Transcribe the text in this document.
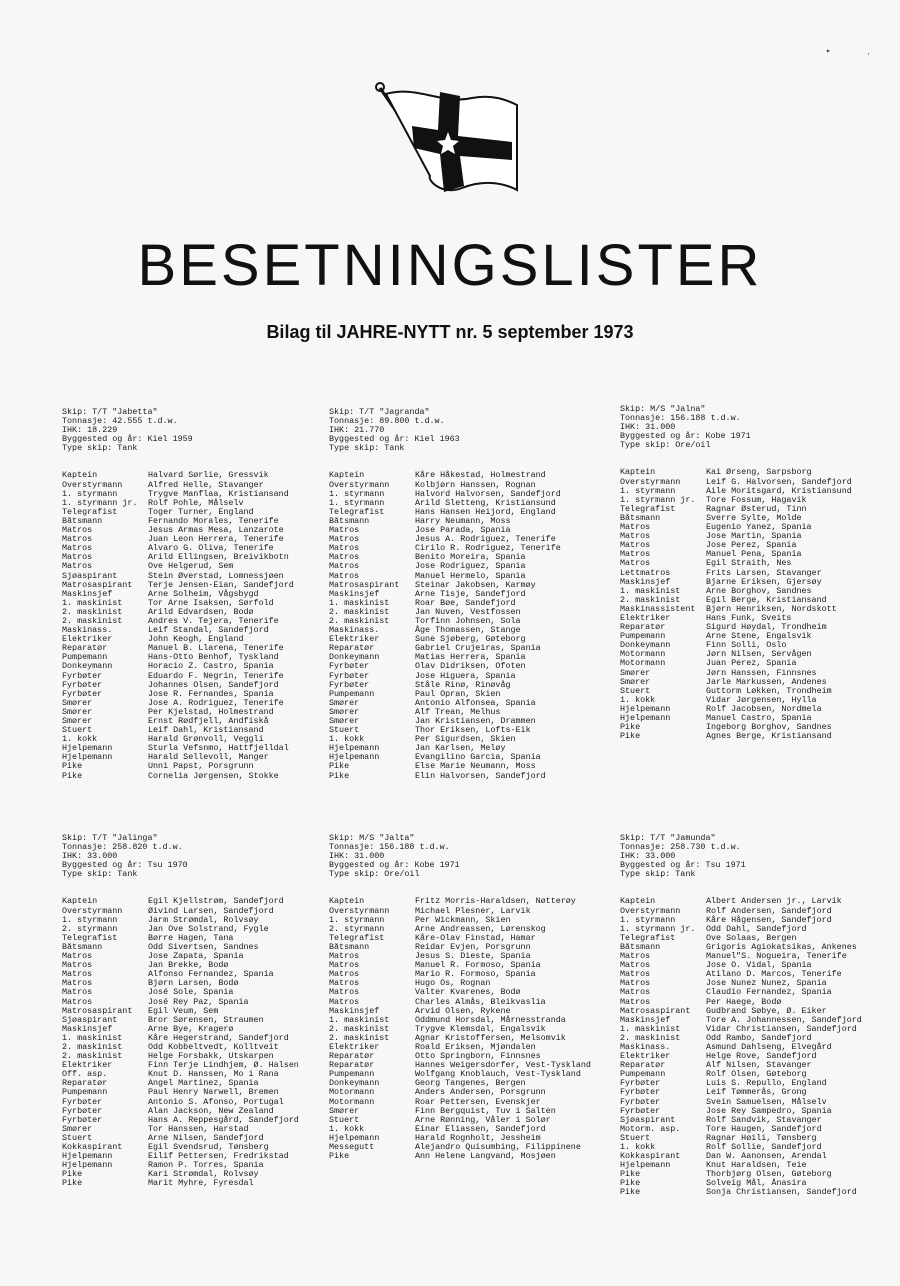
BESETNINGSLISTER
Bilag til JAHRE-NYTT nr. 5 september 1973
▸	·
Skip: T/T "Jabetta"
Tonnasje: 42.555 t.d.w.
IHK: 18.229
Byggested og år: Kiel 1959
Type skip: Tank
Kaptein	Halvard Sørlie, Gressvik
Overstyrmann	Alfred Helle, Stavanger
1. styrmann	Trygve Manflaa, Kristiansand
1. styrmann jr.	Rolf Pohle, Målselv
Telegrafist	Toger Turner, England
Båtsmann	Fernando Morales, Tenerife
Matros	Jesus Armas Mesa, Lanzarote
Matros	Juan Leon Herrera, Tenerife
Matros	Alvaro G. Oliva, Tenerife
Matros	Arild Ellingsen, Breivikbotn
Matros	Ove Helgerud, Sem
Sjøaspirant	Stein Øverstad, Lomnessjøen
Matrosaspirant	Terje Jensen-Eian, Sandefjord
Maskinsjef	Arne Solheim, Vågsbygd
1. maskinist	Tor Arne Isaksen, Sørfold
2. maskinist	Arild Edvardsen, Bodø
2. maskinist	Andres V. Tejera, Tenerife
Maskinass.	Leif Standal, Sandefjord
Elektriker	John Keogh, England
Reparatør	Manuel B. Llarena, Tenerife
Pumpemann	Hans-Otto Benhof, Tyskland
Donkeymann	Horacio Z. Castro, Spania
Fyrbøter	Eduardo F. Negrin, Tenerife
Fyrbøter	Johannes Olsen, Sandefjord
Fyrbøter	Jose R. Fernandes, Spania
Smører	Jose A. Rodriguez, Tenerife
Smører	Per Kjelstad, Holmestrand
Smører	Ernst Rødfjell, Andfiskå
Stuert	Leif Dahl, Kristiansand
1. kokk	Harald Grønvoll, Veggli
Hjelpemann	Sturla Vefsnmo, Hattfjelldal
Hjelpemann	Harald Sellevoll, Manger
Pike	Unni Papst, Porsgrunn
Pike	Cornelia Jørgensen, Stokke
Skip: T/T "Jagranda"
Tonnasje: 89.800 t.d.w.
IHK: 21.770
Byggested og år: Kiel 1963
Type skip: Tank
Kaptein	Kåre Håkestad, Holmestrand
Overstyrmann	Kolbjørn Hanssen, Rognan
1. styrmann	Halvord Halvorsen, Sandefjord
1. styrmann	Arild Sletteng, Kristiansund
Telegrafist	Hans Hansen Heijord, England
Båtsmann	Harry Neumann, Moss
Matros	Jose Parada, Spania
Matros	Jesus A. Rodriguez, Tenerife
Matros	Cirilo R. Rodriguez, Tenerife
Matros	Benito Moreira, Spania
Matros	Jose Rodriguez, Spania
Matros	Manuel Hermelo, Spania
Matrosaspirant	Steinar Jakobsen, Karmøy
Maskinsjef	Arne Tisje, Sandefjord
1. maskinist	Roar Bøe, Sandefjord
2. maskinist	Jan Nuven, Vestfossen
2. maskinist	Torfinn Johnsen, Sola
Maskinass.	Åge Thomassen, Stange
Elektriker	Sune Sjøberg, Gøteborg
Reparatør	Gabriel Crujeiras, Spania
Donkeymann	Matias Herrera, Spania
Fyrbøter	Olav Didriksen, Ofoten
Fyrbøter	Jose Higuera, Spania
Fyrbøter	Ståle Rinø, Rinøvåg
Pumpemann	Paul Opran, Skien
Smører	Antonio Alfonsea, Spania
Smører	Alf Trean, Melhus
Smører	Jan Kristiansen, Drammen
Stuert	Thor Eriksen, Lofts-Eik
1. kokk	Per Sigurdsen, Skien
Hjelpemann	Jan Karlsen, Meløy
Hjelpemann	Evangilino Garcia, Spania
Pike	Else Marie Neumann, Moss
Pike	Elin Halvorsen, Sandefjord
Skip: M/S "Jalna"
Tonnasje: 156.188 t.d.w.
IHK: 31.000
Byggested og år: Kobe 1971
Type skip: Ore/oil
Kaptein	Kai Ørseng, Sarpsborg
Overstyrmann	Leif G. Halvorsen, Sandefjord
1. styrmann	Aile Moritsgard, Kristiansund
1. styrmann jr.	Tore Fossum, Hagavik
Telegrafist	Ragnar Østerud, Tinn
Båtsmann	Sverre Sylte, Molde
Matros	Eugenio Yanez, Spania
Matros	Jose Martin, Spania
Matros	Jose Perez, Spania
Matros	Manuel Pena, Spania
Matros	Egil Straith, Nes
Lettmatros	Frits Larsen, Stavanger
Maskinsjef	Bjarne Eriksen, Gjersøy
1. maskinist	Arne Borghov, Sandnes
2. maskinist	Egil Berge, Kristiansand
Maskinassistent	Bjørn Henriksen, Nordskott
Elektriker	Hans Funk, Sveits
Reparatør	Sigurd Høydal, Trondheim
Pumpemann	Arne Stene, Engalsvik
Donkeymann	Finn Solli, Oslo
Motormann	Jørn Nilsen, Servågen
Motormann	Juan Perez, Spania
Smører	Jørn Hanssen, Finnsnes
Smører	Jarle Markussen, Andenes
Stuert	Guttorm Løkken, Trondheim
1. kokk	Vidar Jørgensen, Hylla
Hjelpemann	Rolf Jacobsen, Nordmela
Hjelpemann	Manuel Castro, Spania
Pike	Ingeborg Borghov, Sandnes
Pike	Agnes Berge, Kristiansand
Skip: T/T "Jalinga"
Tonnasje: 258.820 t.d.w.
IHK: 33.000
Byggested og år: Tsu 1970
Type skip: Tank
Kaptein	Egil Kjellstrøm, Sandefjord
Overstyrmann	Øivind Larsen, Sandefjord
1. styrmann	Jarm Strømdal, Rolvsøy
2. styrmann	Jan Ove Solstrand, Fygle
Telegrafist	Børre Hagen, Tana
Båtsmann	Odd Sivertsen, Sandnes
Matros	Jose Zapata, Spania
Matros	Jan Brekke, Bodø
Matros	Alfonso Fernandez, Spania
Matros	Bjørn Larsen, Bodø
Matros	José Sole, Spania
Matros	José Rey Paz, Spania
Matrosaspirant	Egil Veum, Sem
Sjøaspirant	Bror Sørensen, Straumen
Maskinsjef	Arne Bye, Kragerø
1. maskinist	Kåre Hegerstrand, Sandefjord
2. maskinist	Odd Kobbeltvedt, Kolltveit
2. maskinist	Helge Forsbakk, Utskarpen
Elektriker	Finn Terje Lindhjem, Ø. Halsen
Off. asp.	Knut D. Hanssen, Mo i Rana
Reparatør	Angel Martinez, Spania
Pumpemann	Paul Henry Narwell, Bremen
Fyrbøter	Antonio S. Afonso, Portugal
Fyrbøter	Alan Jackson, New Zealand
Fyrbøter	Hans A. Reppesgård, Sandefjord
Smører	Tor Hanssen, Harstad
Stuert	Arne Nilsen, Sandefjord
Kokkaspirant	Egil Svendsrud, Tønsberg
Hjelpemann	Eilif Pettersen, Fredrikstad
Hjelpemann	Ramon P. Torres, Spania
Pike	Kari Strømdal, Rolvsøy
Pike	Marit Myhre, Fyresdal
Skip: M/S "Jalta"
Tonnasje: 156.188 t.d.w.
IHK: 31.000
Byggested og år: Kobe 1971
Type skip: Ore/oil
Kaptein	Fritz Morris-Haraldsen, Nøtterøy
Overstyrmann	Michael Plesner, Larvik
1. styrmann	Per Wickmann, Skien
2. styrmann	Arne Andreassen, Lørenskog
Telegrafist	Kåre-Olav Finstad, Hamar
Båtsmann	Reidar Evjen, Porsgrunn
Matros	Jesus S. Dieste, Spania
Matros	Manuel R. Formoso, Spania
Matros	Mario R. Formoso, Spania
Matros	Hugo Os, Rognan
Matros	Valter Kvarenes, Bodø
Matros	Charles Almås, Bleikvaslia
Maskinsjef	Arvid Olsen, Rykene
1. maskinist	Oddmund Horsdal, Mårnesstranda
2. maskinist	Trygve Klemsdal, Engalsvik
2. maskinist	Agnar Kristoffersen, Melsomvik
Elektriker	Roald Eriksen, Mjøndalen
Reparatør	Otto Springborn, Finnsnes
Reparatør	Hannes Weigersdorfer, Vest-Tyskland
Pumpemann	Wolfgang Knoblauch, Vest-Tyskland
Donkeymann	Georg Tangenes, Bergen
Motormann	Anders Andersen, Porsgrunn
Motormann	Roar Pettersen, Evenskjer
Smører	Finn Bergquist, Tuv i Salten
Stuert	Arne Rønning, Våler i Solør
1. kokk	Einar Eliassen, Sandefjord
Hjelpemann	Harald Rognholt, Jessheim
Messegutt	Alejandro Quisumbing, Filippinene
Pike	Ann Helene Langvand, Mosjøen
Skip: T/T "Jamunda"
Tonnasje: 258.730 t.d.w.
IHK: 33.000
Byggested og år: Tsu 1971
Type skip: Tank
Kaptein	Albert Andersen jr., Larvik
Overstyrmann	Rolf Andersen, Sandefjord
1. styrmann	Kåre Hågensen, Sandefjord
1. styrmann jr.	Odd Dahl, Sandefjord
Telegrafist	Ove Solaas, Bergen
Båtsmann	Grigoris Agiokatsikas, Ankenes
Matros	Manuel"S. Nogueira, Tenerife
Matros	Jose O. Vidal, Spania
Matros	Atilano D. Marcos, Tenerife
Matros	Jose Nunez Nunez, Spania
Matros	Claudio Fernandez, Spania
Matros	Per Haege, Bodø
Matrosaspirant	Gudbrand Søbye, Ø. Eiker
Maskinsjef	Tore A. Johannessen, Sandefjord
1. maskinist	Vidar Christiansen, Sandefjord
2. maskinist	Odd Rambo, Sandefjord
Maskinass.	Asmund Dahlseng, Elvegård
Elektriker	Helge Rove, Sandefjord
Reparatør	Alf Nilsen, Stavanger
Pumpemann	Rolf Olsen, Gøteborg
Fyrbøter	Luis S. Repullo, England
Fyrbøter	Leif Tømmerås, Grong
Fyrbøter	Svein Samuelsen, Målselv
Fyrbøter	Jose Rey Sampedro, Spania
Sjøaspirant	Rolf Sandvik, Stavanger
Motorm. asp.	Tore Haugen, Sandefjord
Stuert	Ragnar Høili, Tønsberg
1. kokk	Rolf Sollie, Sandefjord
Kokkaspirant	Dan W. Aanonsen, Arendal
Hjelpemann	Knut Haraldsen, Teie
Pike	Thorbjørg Olsen, Gøteborg
Pike	Solveig Mål, Ånasira
Pike	Sonja Christiansen, Sandefjord
